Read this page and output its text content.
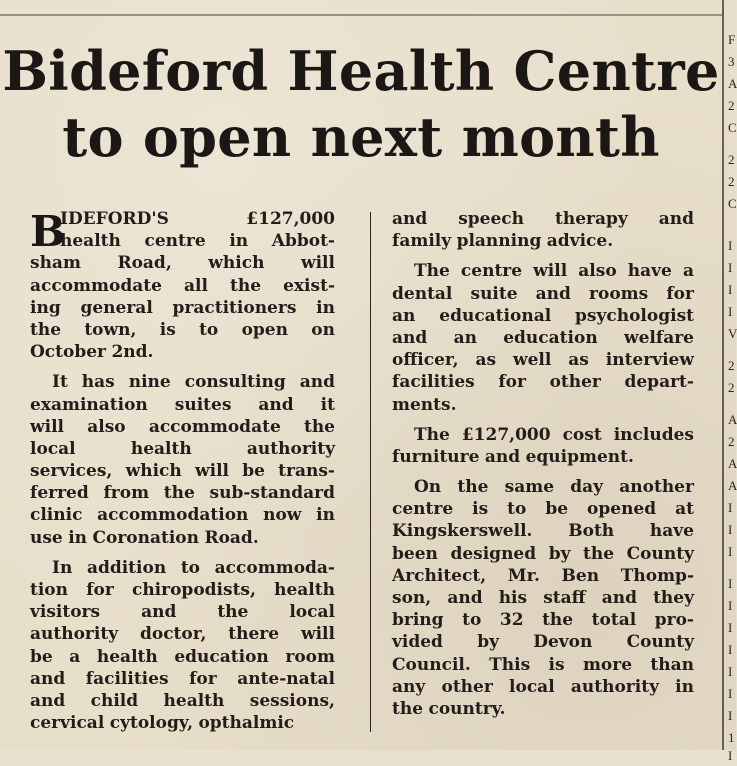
F
3
A
2
C
2
2
C
I
I
I
I
V
2
2
A
2
A
A
I
I
I
I
I
I
I
I
I
I
1
I
Bideford Health Centre
to open next month
B
IDEFORD'S	£127,000
health centre in Abbot-
sham Road, which will
accommodate all the exist-
ing general practitioners in
the town, is to open on
October 2nd.
It has nine consulting and
examination suites and it
will also accommodate the
local	health	authority
services, which will be trans-
ferred from the sub-standard
clinic accommodation now in
use in Coronation Road.
In addition to accommoda-
tion for chiropodists, health
visitors and the local
authority doctor, there will
be a health education room
and facilities for ante-natal
and child health sessions,
cervical cytology, opthalmic
and speech therapy and
family planning advice.
The centre will also have a
dental suite and rooms for
an educational psychologist
and an education welfare
officer, as well as interview
facilities for other depart-
ments.
The £127,000 cost includes
furniture and equipment.
On the same day another
centre is to be opened at
Kingskerswell. Both have
been designed by the County
Architect, Mr. Ben Thomp-
son, and his staff and they
bring to 32 the total pro-
vided by Devon County
Council. This is more than
any other local authority in
the country.
